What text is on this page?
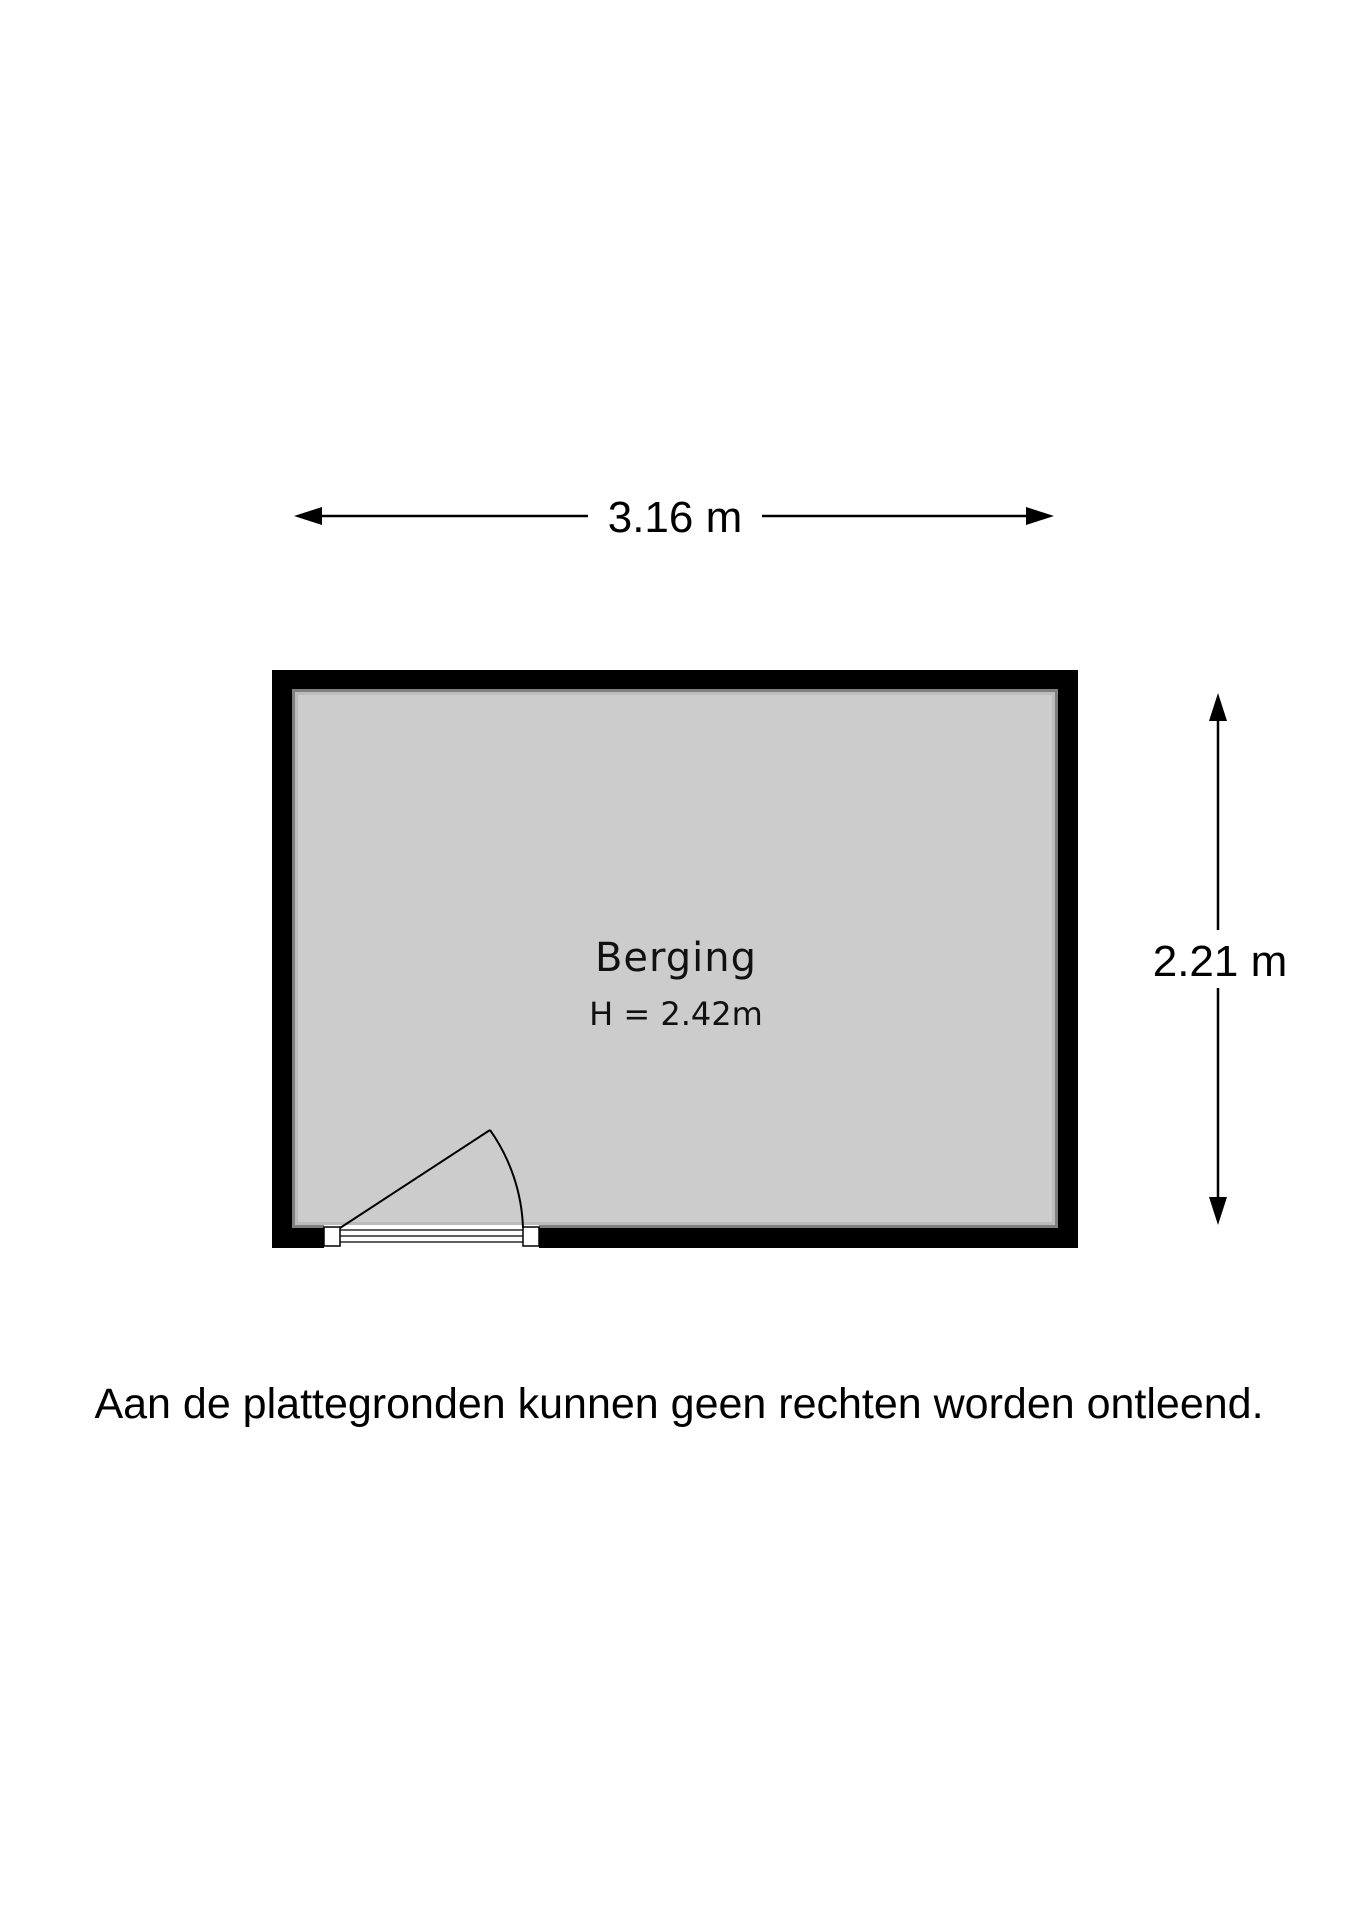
3.16 m
2.21 m
Berging
H = 2.42m
Aan de plattegronden kunnen geen rechten worden ontleend.
